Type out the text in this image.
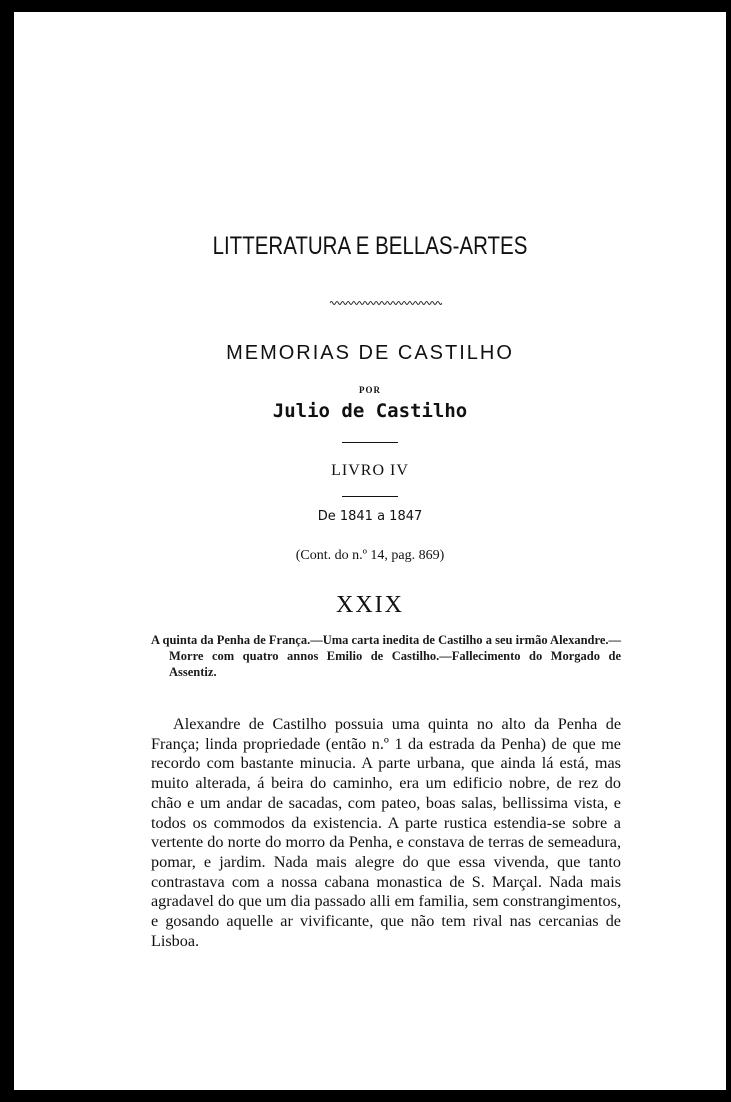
LITTERATURA E BELLAS-ARTES
MEMORIAS DE CASTILHO
POR
Julio de Castilho
LIVRO IV
De 1841 a 1847
(Cont. do n.º 14, pag. 869)
XXIX

A quinta da Penha de França.—Uma carta inedita de Castilho a seu irmão Alexandre.—Morre com quatro annos Emilio de Castilho.—Fallecimento do Morgado de Assentiz.

Alexandre de Castilho possuia uma quinta no alto da Penha de França; linda propriedade (então n.º 1 da estrada da Penha) de que me recordo com bastante minucia. A parte urbana, que ainda lá está, mas muito alterada, á beira do caminho, era um edificio nobre, de rez do chão e um andar de sacadas, com pateo, boas salas, bellissima vista, e todos os commodos da existencia. A parte rustica estendia-se sobre a vertente do norte do morro da Penha, e constava de terras de semeadura, pomar, e jardim. Nada mais alegre do que essa vivenda, que tanto contrastava com a nossa cabana monastica de S. Marçal. Nada mais agradavel do que um dia passado alli em familia, sem constrangimentos, e gosando aquelle ar vivificante, que não tem rival nas cercanias de Lisboa.
